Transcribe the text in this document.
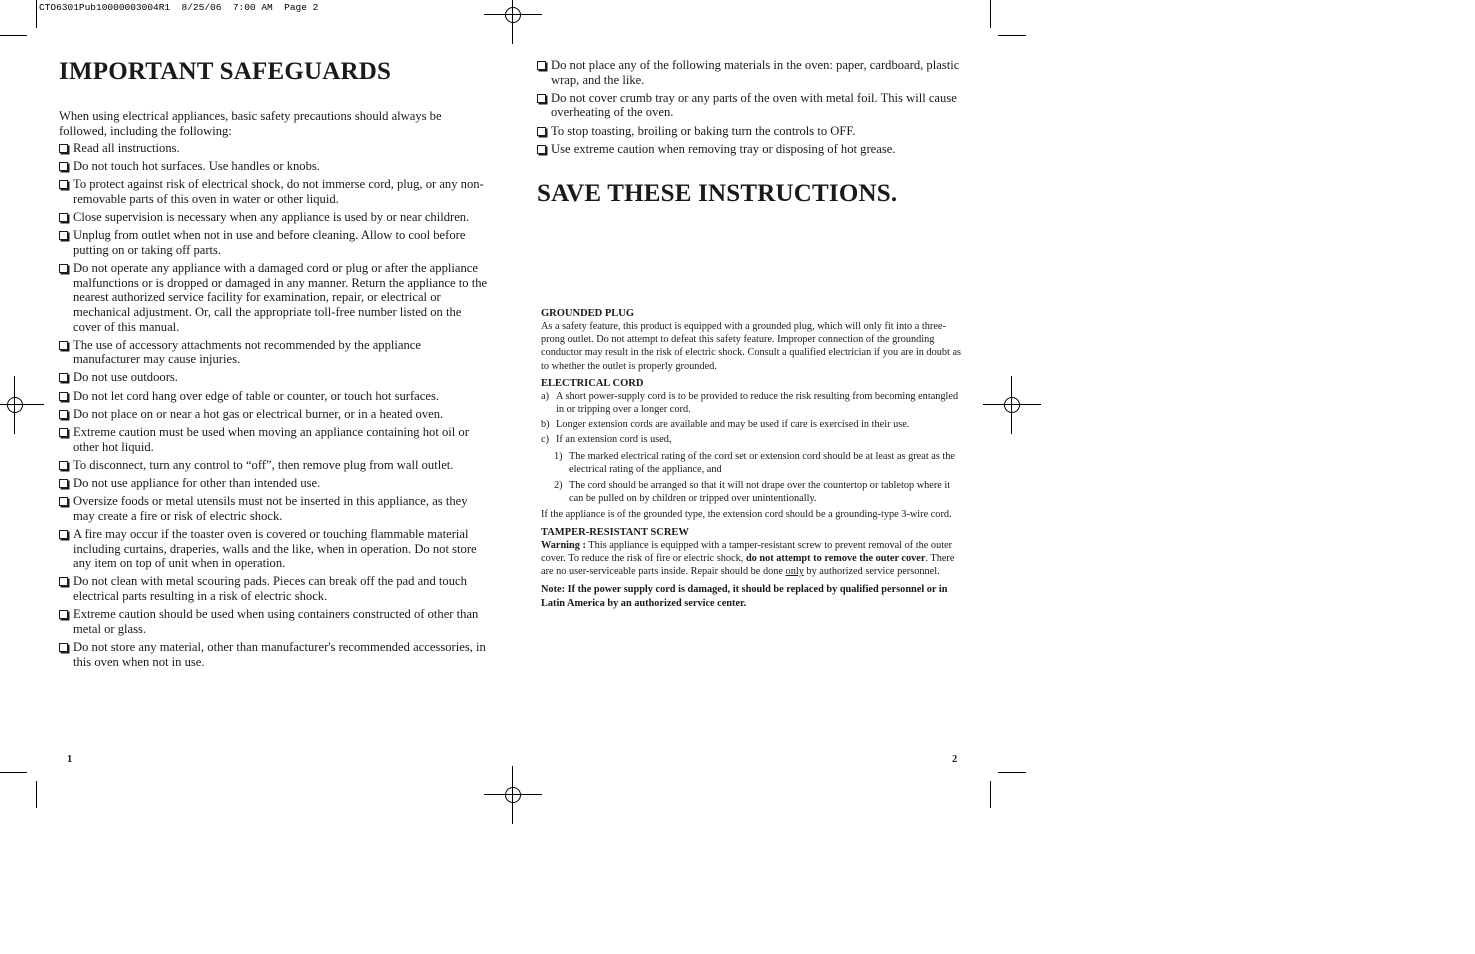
CTO6301Pub10000003004R1  8/25/06  7:00 AM  Page 2
IMPORTANT SAFEGUARDS

When using electrical appliances, basic safety precautions should always be followed, including the following:

Read all instructions.
Do not touch hot surfaces. Use handles or knobs.
To protect against risk of electrical shock, do not immerse cord, plug, or any non-removable parts of this oven in water or other liquid.
Close supervision is necessary when any appliance is used by or near children.
Unplug from outlet when not in use and before cleaning. Allow to cool before putting on or taking off parts.
Do not operate any appliance with a damaged cord or plug or after the appliance malfunctions or is dropped or damaged in any manner. Return the appliance to the nearest authorized service facility for examination, repair, or electrical or mechanical adjustment. Or, call the appropriate toll-free number listed on the cover of this manual.
The use of accessory attachments not recommended by the appliance manufacturer may cause injuries.
Do not use outdoors.
Do not let cord hang over edge of table or counter, or touch hot surfaces.
Do not place on or near a hot gas or electrical burner, or in a heated oven.
Extreme caution must be used when moving an appliance containing hot oil or other hot liquid.
To disconnect, turn any control to “off”, then remove plug from wall outlet.
Do not use appliance for other than intended use.
Oversize foods or metal utensils must not be inserted in this appliance, as they may create a fire or risk of electric shock.
A fire may occur if the toaster oven is covered or touching flammable material including curtains, draperies, walls and the like, when in operation. Do not store any item on top of unit when in operation.
Do not clean with metal scouring pads. Pieces can break off the pad and touch electrical parts resulting in a risk of electric shock.
Extreme caution should be used when using containers constructed of other than metal or glass.
Do not store any material, other than manufacturer's recommended accessories, in this oven when not in use.
1
Do not place any of the following materials in the oven: paper, cardboard, plastic wrap, and the like.
Do not cover crumb tray or any parts of the oven with metal foil. This will cause overheating of the oven.
To stop toasting, broiling or baking turn the controls to OFF.
Use extreme caution when removing tray or disposing of hot grease.
SAVE THESE INSTRUCTIONS.
GROUNDED PLUG

As a safety feature, this product is equipped with a grounded plug, which will only fit into a three-prong outlet. Do not attempt to defeat this safety feature. Improper connection of the grounding conductor may result in the risk of electric shock. Consult a qualified electrician if you are in doubt as to whether the outlet is properly grounded.

ELECTRICAL CORD
a) A short power-supply cord is to be provided to reduce the risk resulting from becoming entangled in or tripping over a longer cord.
b) Longer extension cords are available and may be used if care is exercised in their use.
c) If an extension cord is used,
1) The marked electrical rating of the cord set or extension cord should be at least as great as the electrical rating of the appliance, and
2) The cord should be arranged so that it will not drape over the countertop or tabletop where it can be pulled on by children or tripped over unintentionally.

If the appliance is of the grounded type, the extension cord should be a grounding-type 3-wire cord.

TAMPER-RESISTANT SCREW

Warning : This appliance is equipped with a tamper-resistant screw to prevent removal of the outer cover. To reduce the risk of fire or electric shock, do not attempt to remove the outer cover. There are no user-serviceable parts inside. Repair should be done only by authorized service personnel.

Note: If the power supply cord is damaged, it should be replaced by qualified personnel or in Latin America by an authorized service center.

2
